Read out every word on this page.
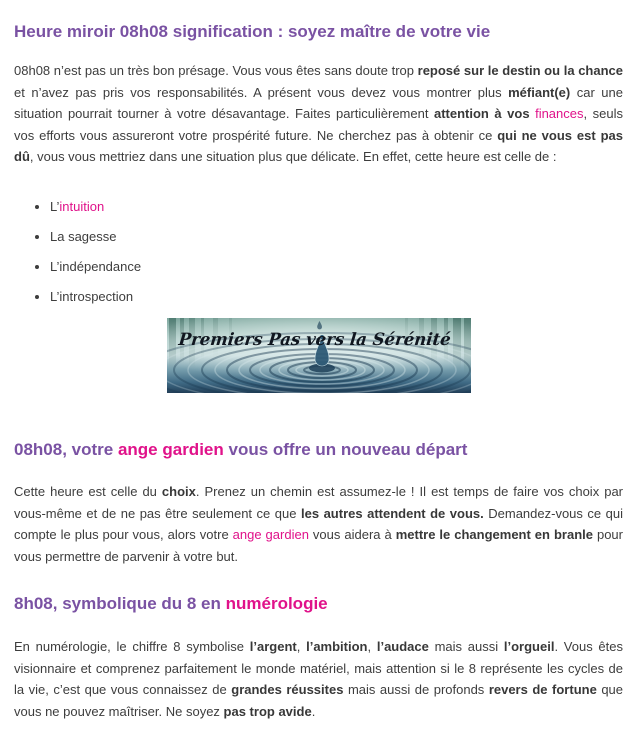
Heure miroir 08h08 signification : soyez maître de votre vie

08h08 n’est pas un très bon présage. Vous vous êtes sans doute trop reposé sur le destin ou la chance et n’avez pas pris vos responsabilités. A présent vous devez vous montrer plus méfiant(e) car une situation pourrait tourner à votre désavantage. Faites particulièrement attention à vos finances, seuls vos efforts vous assureront votre prospérité future. Ne cherchez pas à obtenir ce qui ne vous est pas dû, vous vous mettriez dans une situation plus que délicate. En effet, cette heure est celle de :

• L’intuition
• La sagesse
• L’indépendance
• L’introspection
Premiers Pas vers la Sérénité
08h08, votre ange gardien vous offre un nouveau départ

Cette heure est celle du choix. Prenez un chemin est assumez-le ! Il est temps de faire vos choix par vous-même et de ne pas être seulement ce que les autres attendent de vous. Demandez-vous ce qui compte le plus pour vous, alors votre ange gardien vous aidera à mettre le changement en branle pour vous permettre de parvenir à votre but.

8h08, symbolique du 8 en numérologie

En numérologie, le chiffre 8 symbolise l’argent, l’ambition, l’audace mais aussi l’orgueil. Vous êtes visionnaire et comprenez parfaitement le monde matériel, mais attention si le 8 représente les cycles de la vie, c’est que vous connaissez de grandes réussites mais aussi de profonds revers de fortune que vous ne pouvez maîtriser. Ne soyez pas trop avide.
